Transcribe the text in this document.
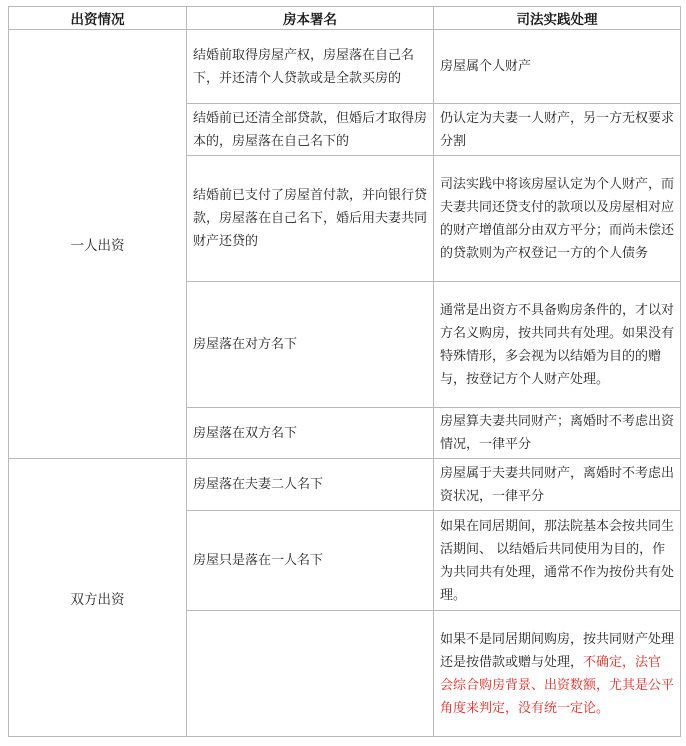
出资情况	房本署名	司法实践处理
一人出资	结婚前取得房屋产权，房屋落在自己名下，并还清个人贷款或是全款买房的	房屋属个人财产
	结婚前已还清全部贷款，但婚后才取得房本的，房屋落在自己名下的	仍认定为夫妻一人财产，另一方无权要求分割
	结婚前已支付了房屋首付款，并向银行贷款，房屋落在自己名下，婚后用夫妻共同财产还贷的	司法实践中将该房屋认定为个人财产，而夫妻共同还贷支付的款项以及房屋相对应的财产增值部分由双方平分；而尚未偿还的贷款则为产权登记一方的个人债务
	房屋落在对方名下	通常是出资方不具备购房条件的，才以对方名义购房，按共同共有处理。如果没有特殊情形，多会视为以结婚为目的的赠与，按登记方个人财产处理。
	房屋落在双方名下	房屋算夫妻共同财产；离婚时不考虑出资情况，一律平分
双方出资	房屋落在夫妻二人名下	房屋属于夫妻共同财产，离婚时不考虑出资状况，一律平分
	房屋只是落在一人名下	如果在同居期间，那法院基本会按共同生活期间、 以结婚后共同使用为目的，作为共同共有处理，通常不作为按份共有处理。
		如果不是同居期间购房，按共同财产处理还是按借款或赠与处理，不确定，法官会综合购房背景、出资数额，尤其是公平角度来判定，没有统一定论。
